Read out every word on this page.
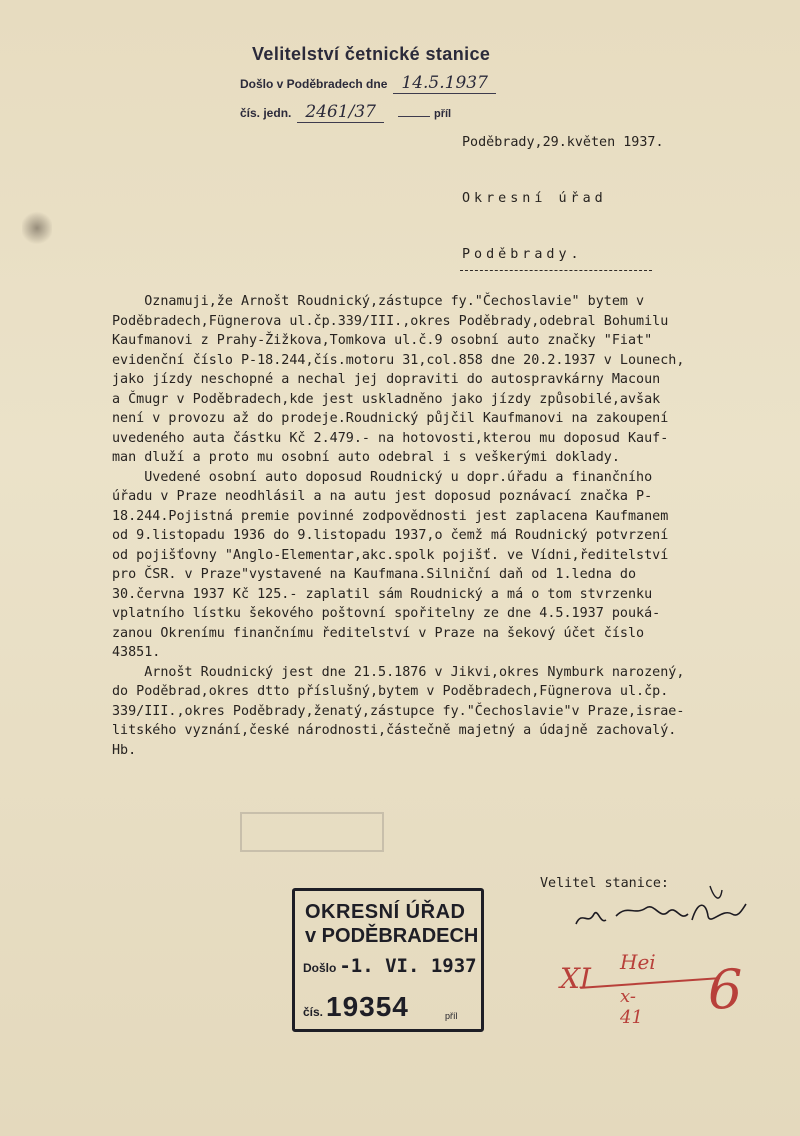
Velitelství četnické stanice
Došlo v Poděbradech dne 14.5.1937
čís. jedn. 2461/37	příl
Poděbrady,29.květen 1937.
Okresní úřad
Poděbrady.
Oznamuji,že Arnošt Roudnický,zástupce fy."Čechoslavie" bytem v
Poděbradech,Fügnerova ul.čp.339/III.,okres Poděbrady,odebral Bohumilu
Kaufmanovi z Prahy-Žižkova,Tomkova ul.č.9 osobní auto značky "Fiat"
evidenční číslo P-18.244,čís.motoru 31,col.858 dne 20.2.1937 v Lounech,
jako jízdy neschopné a nechal jej dopraviti do autospravkárny Macoun
a Čmugr v Poděbradech,kde jest uskladněno jako jízdy způsobilé,avšak
není v provozu až do prodeje.Roudnický půjčil Kaufmanovi na zakoupení
uvedeného auta částku Kč 2.479.- na hotovosti,kterou mu doposud Kauf-
man dluží a proto mu osobní auto odebral i s veškerými doklady.
Uvedené osobní auto doposud Roudnický u dopr.úřadu a finančního
úřadu v Praze neodhlásil a na autu jest doposud poznávací značka P-
18.244.Pojistná premie povinné zodpovědnosti jest zaplacena Kaufmanem
od 9.listopadu 1936 do 9.listopadu 1937,o čemž má Roudnický potvrzení
od pojišťovny "Anglo-Elementar,akc.spolk pojišť. ve Vídni,ředitelství
pro ČSR. v Praze"vystavené na Kaufmana.Silniční daň od 1.ledna do
30.června 1937 Kč 125.- zaplatil sám Roudnický a má o tom stvrzenku
vplatního lístku šekového poštovní spořitelny ze dne 4.5.1937 pouká-
zanou Okrenímu finančnímu ředitelství v Praze na šekový účet číslo
43851.
Arnošt Roudnický jest dne 21.5.1876 v Jikvi,okres Nymburk narozený,
do Poděbrad,okres dtto příslušný,bytem v Poděbradech,Fügnerova ul.čp.
339/III.,okres Poděbrady,ženatý,zástupce fy."Čechoslavie"v Praze,israe-
litského vyznání,české národnosti,částečně majetný a údajně zachovalý.
Hb.
Velitel stanice:
OKRESNÍ ÚŘAD
v PODĚBRADECH
Došlo -1. VI. 1937
čís. 19354	příl
XI Hei
x-41 6
